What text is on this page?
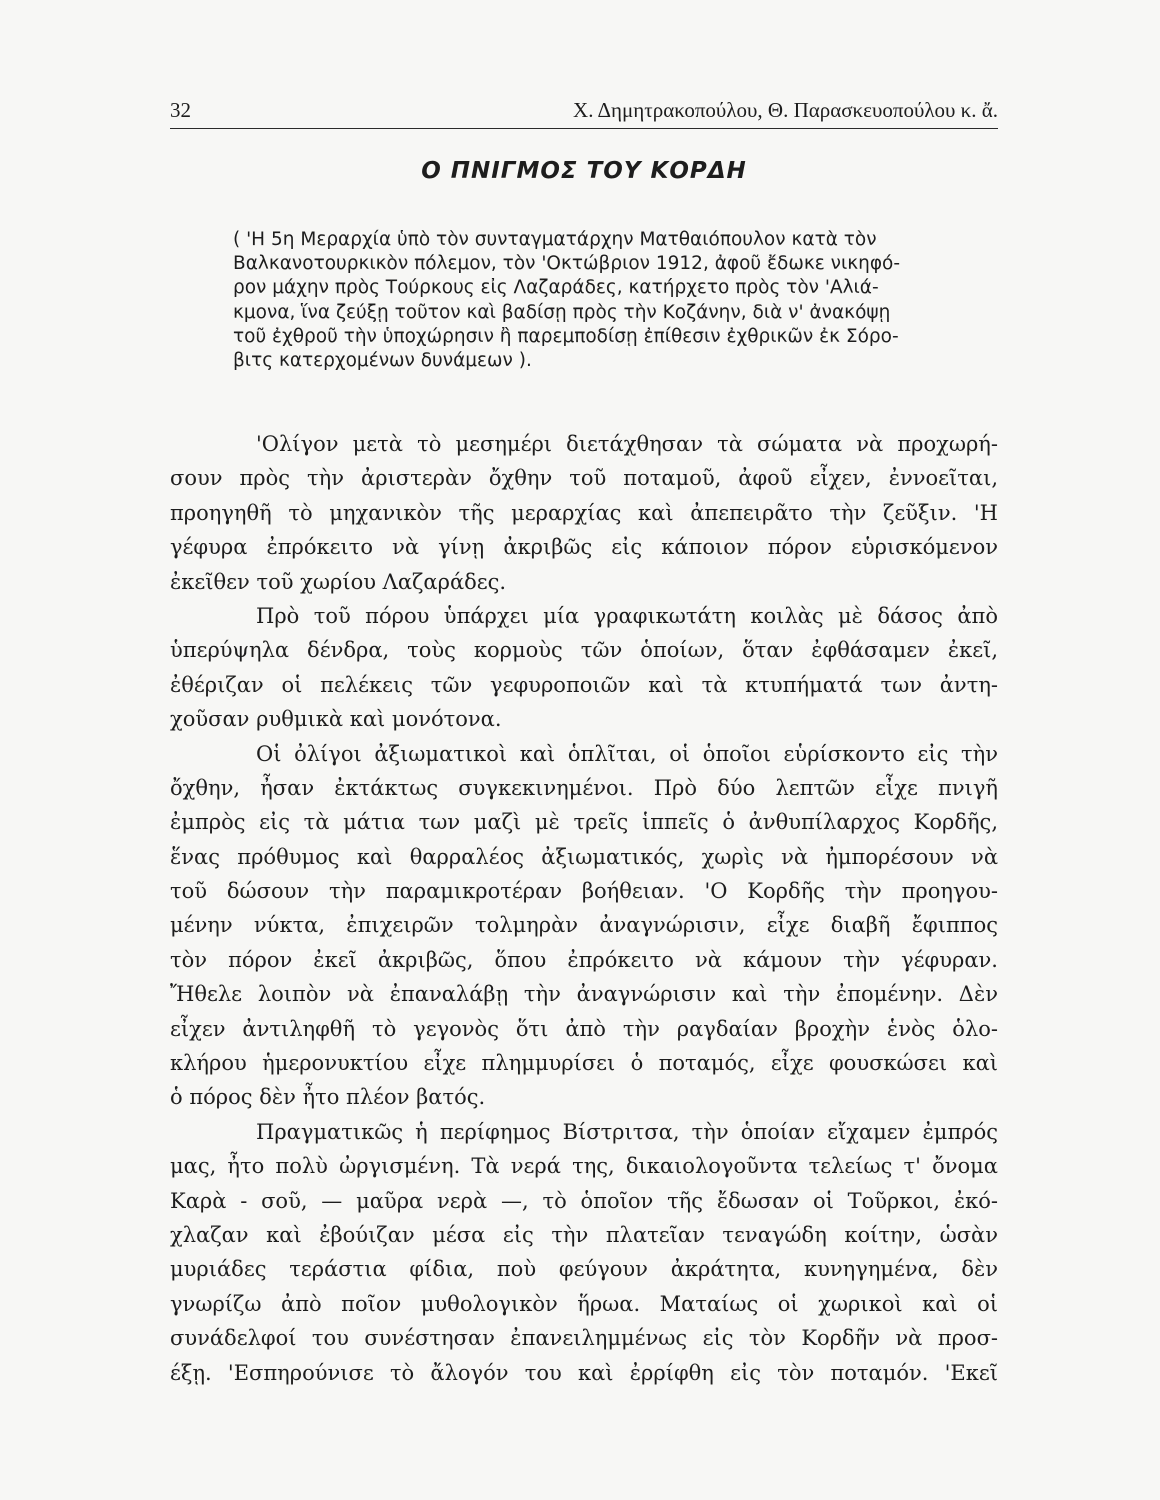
32	Χ. Δημητρακοπούλου, Θ. Παρασκευοπούλου κ. ἄ.
Ο ΠΝΙΓΜΟΣ ΤΟΥ ΚΟΡΔΗ
( 'Η 5η Μεραρχία ὑπὸ τὸν συνταγματάρχην Ματθαιόπουλον κατὰ τὸν
Βαλκανοτουρκικὸν πόλεμον, τὸν 'Οκτώβριον 1912, ἀφοῦ ἔδωκε νικηφό-
ρον μάχην πρὸς Τούρκους εἰς Λαζαράδες, κατήρχετο πρὸς τὸν 'Αλιά-
κμονα, ἵνα ζεύξῃ τοῦτον καὶ βαδίσῃ πρὸς τὴν Κοζάνην, διὰ ν' ἀνακόψῃ
τοῦ ἐχθροῦ τὴν ὑποχώρησιν ἢ παρεμποδίσῃ ἐπίθεσιν ἐχθρικῶν ἐκ Σόρο-
βιτς κατερχομένων δυνάμεων ).
'Ολίγον μετὰ τὸ μεσημέρι διετάχθησαν τὰ σώματα νὰ προχωρή-
σουν πρὸς τὴν ἀριστερὰν ὄχθην τοῦ ποταμοῦ, ἀφοῦ εἶχεν, ἐννοεῖται,
προηγηθῆ τὸ μηχανικὸν τῆς μεραρχίας καὶ ἀπεπειρᾶτο τὴν ζεῦξιν. 'Η
γέφυρα ἐπρόκειτο νὰ γίνῃ ἀκριβῶς εἰς κάποιον πόρον εὑρισκόμενον
ἐκεῖθεν τοῦ χωρίου Λαζαράδες.
Πρὸ τοῦ πόρου ὑπάρχει μία γραφικωτάτη κοιλὰς μὲ δάσος ἀπὸ
ὑπερύψηλα δένδρα, τοὺς κορμοὺς τῶν ὁποίων, ὅταν ἐφθάσαμεν ἐκεῖ,
ἐθέριζαν οἱ πελέκεις τῶν γεφυροποιῶν καὶ τὰ κτυπήματά των ἀντη-
χοῦσαν ρυθμικὰ καὶ μονότονα.
Οἱ ὀλίγοι ἀξιωματικοὶ καὶ ὁπλῖται, οἱ ὁποῖοι εὑρίσκοντο εἰς τὴν
ὄχθην, ἦσαν ἐκτάκτως συγκεκινημένοι. Πρὸ δύο λεπτῶν εἶχε πνιγῆ
ἐμπρὸς εἰς τὰ μάτια των μαζὶ μὲ τρεῖς ἱππεῖς ὁ ἀνθυπίλαρχος Κορδῆς,
ἕνας πρόθυμος καὶ θαρραλέος ἀξιωματικός, χωρὶς νὰ ἠμπορέσουν νὰ
τοῦ δώσουν τὴν παραμικροτέραν βοήθειαν. 'Ο Κορδῆς τὴν προηγου-
μένην νύκτα, ἐπιχειρῶν τολμηρὰν ἀναγνώρισιν, εἶχε διαβῆ ἔφιππος
τὸν πόρον ἐκεῖ ἀκριβῶς, ὅπου ἐπρόκειτο νὰ κάμουν τὴν γέφυραν.
Ἤθελε λοιπὸν νὰ ἐπαναλάβῃ τὴν ἀναγνώρισιν καὶ τὴν ἐπομένην. Δὲν
εἶχεν ἀντιληφθῆ τὸ γεγονὸς ὅτι ἀπὸ τὴν ραγδαίαν βροχὴν ἑνὸς ὁλο-
κλήρου ἡμερονυκτίου εἶχε πλημμυρίσει ὁ ποταμός, εἶχε φουσκώσει καὶ
ὁ πόρος δὲν ἦτο πλέον βατός.
Πραγματικῶς ἡ περίφημος Βίστριτσα, τὴν ὁποίαν εἴχαμεν ἐμπρός
μας, ἦτο πολὺ ὠργισμένη. Τὰ νερά της, δικαιολογοῦντα τελείως τ' ὄνομα
Καρὰ - σοῦ, — μαῦρα νερὰ —, τὸ ὁποῖον τῆς ἔδωσαν οἱ Τοῦρκοι, ἐκό-
χλαζαν καὶ ἐβούιζαν μέσα εἰς τὴν πλατεῖαν τεναγώδη κοίτην, ὡσὰν
μυριάδες τεράστια φίδια, ποὺ φεύγουν ἀκράτητα, κυνηγημένα, δὲν
γνωρίζω ἀπὸ ποῖον μυθολογικὸν ἥρωα. Ματαίως οἱ χωρικοὶ καὶ οἱ
συνάδελφοί του συνέστησαν ἐπανειλημμένως εἰς τὸν Κορδῆν νὰ προσ-
έξῃ. 'Εσπηρούνισε τὸ ἄλογόν του καὶ ἐρρίφθη εἰς τὸν ποταμόν. 'Εκεῖ
